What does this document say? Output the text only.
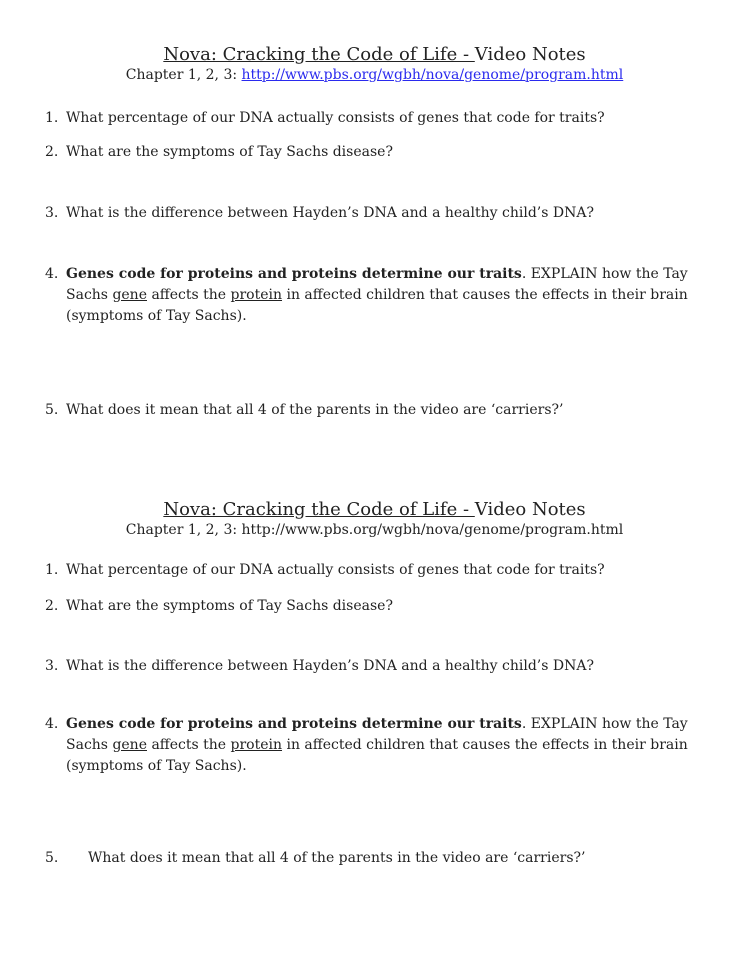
Nova: Cracking the Code of Life - Video Notes
Chapter 1, 2, 3: http://www.pbs.org/wgbh/nova/genome/program.html
1. What percentage of our DNA actually consists of genes that code for traits?
2. What are the symptoms of Tay Sachs disease?
3. What is the difference between Hayden’s DNA and a healthy child’s DNA?
4. Genes code for proteins and proteins determine our traits. EXPLAIN how the Tay Sachs gene affects the protein in affected children that causes the effects in their brain (symptoms of Tay Sachs).
5. What does it mean that all 4 of the parents in the video are ‘carriers?’
Nova: Cracking the Code of Life - Video Notes
Chapter 1, 2, 3: http://www.pbs.org/wgbh/nova/genome/program.html
1. What percentage of our DNA actually consists of genes that code for traits?
2. What are the symptoms of Tay Sachs disease?
3. What is the difference between Hayden’s DNA and a healthy child’s DNA?
4. Genes code for proteins and proteins determine our traits. EXPLAIN how the Tay Sachs gene affects the protein in affected children that causes the effects in their brain (symptoms of Tay Sachs).
5. What does it mean that all 4 of the parents in the video are ‘carriers?’
